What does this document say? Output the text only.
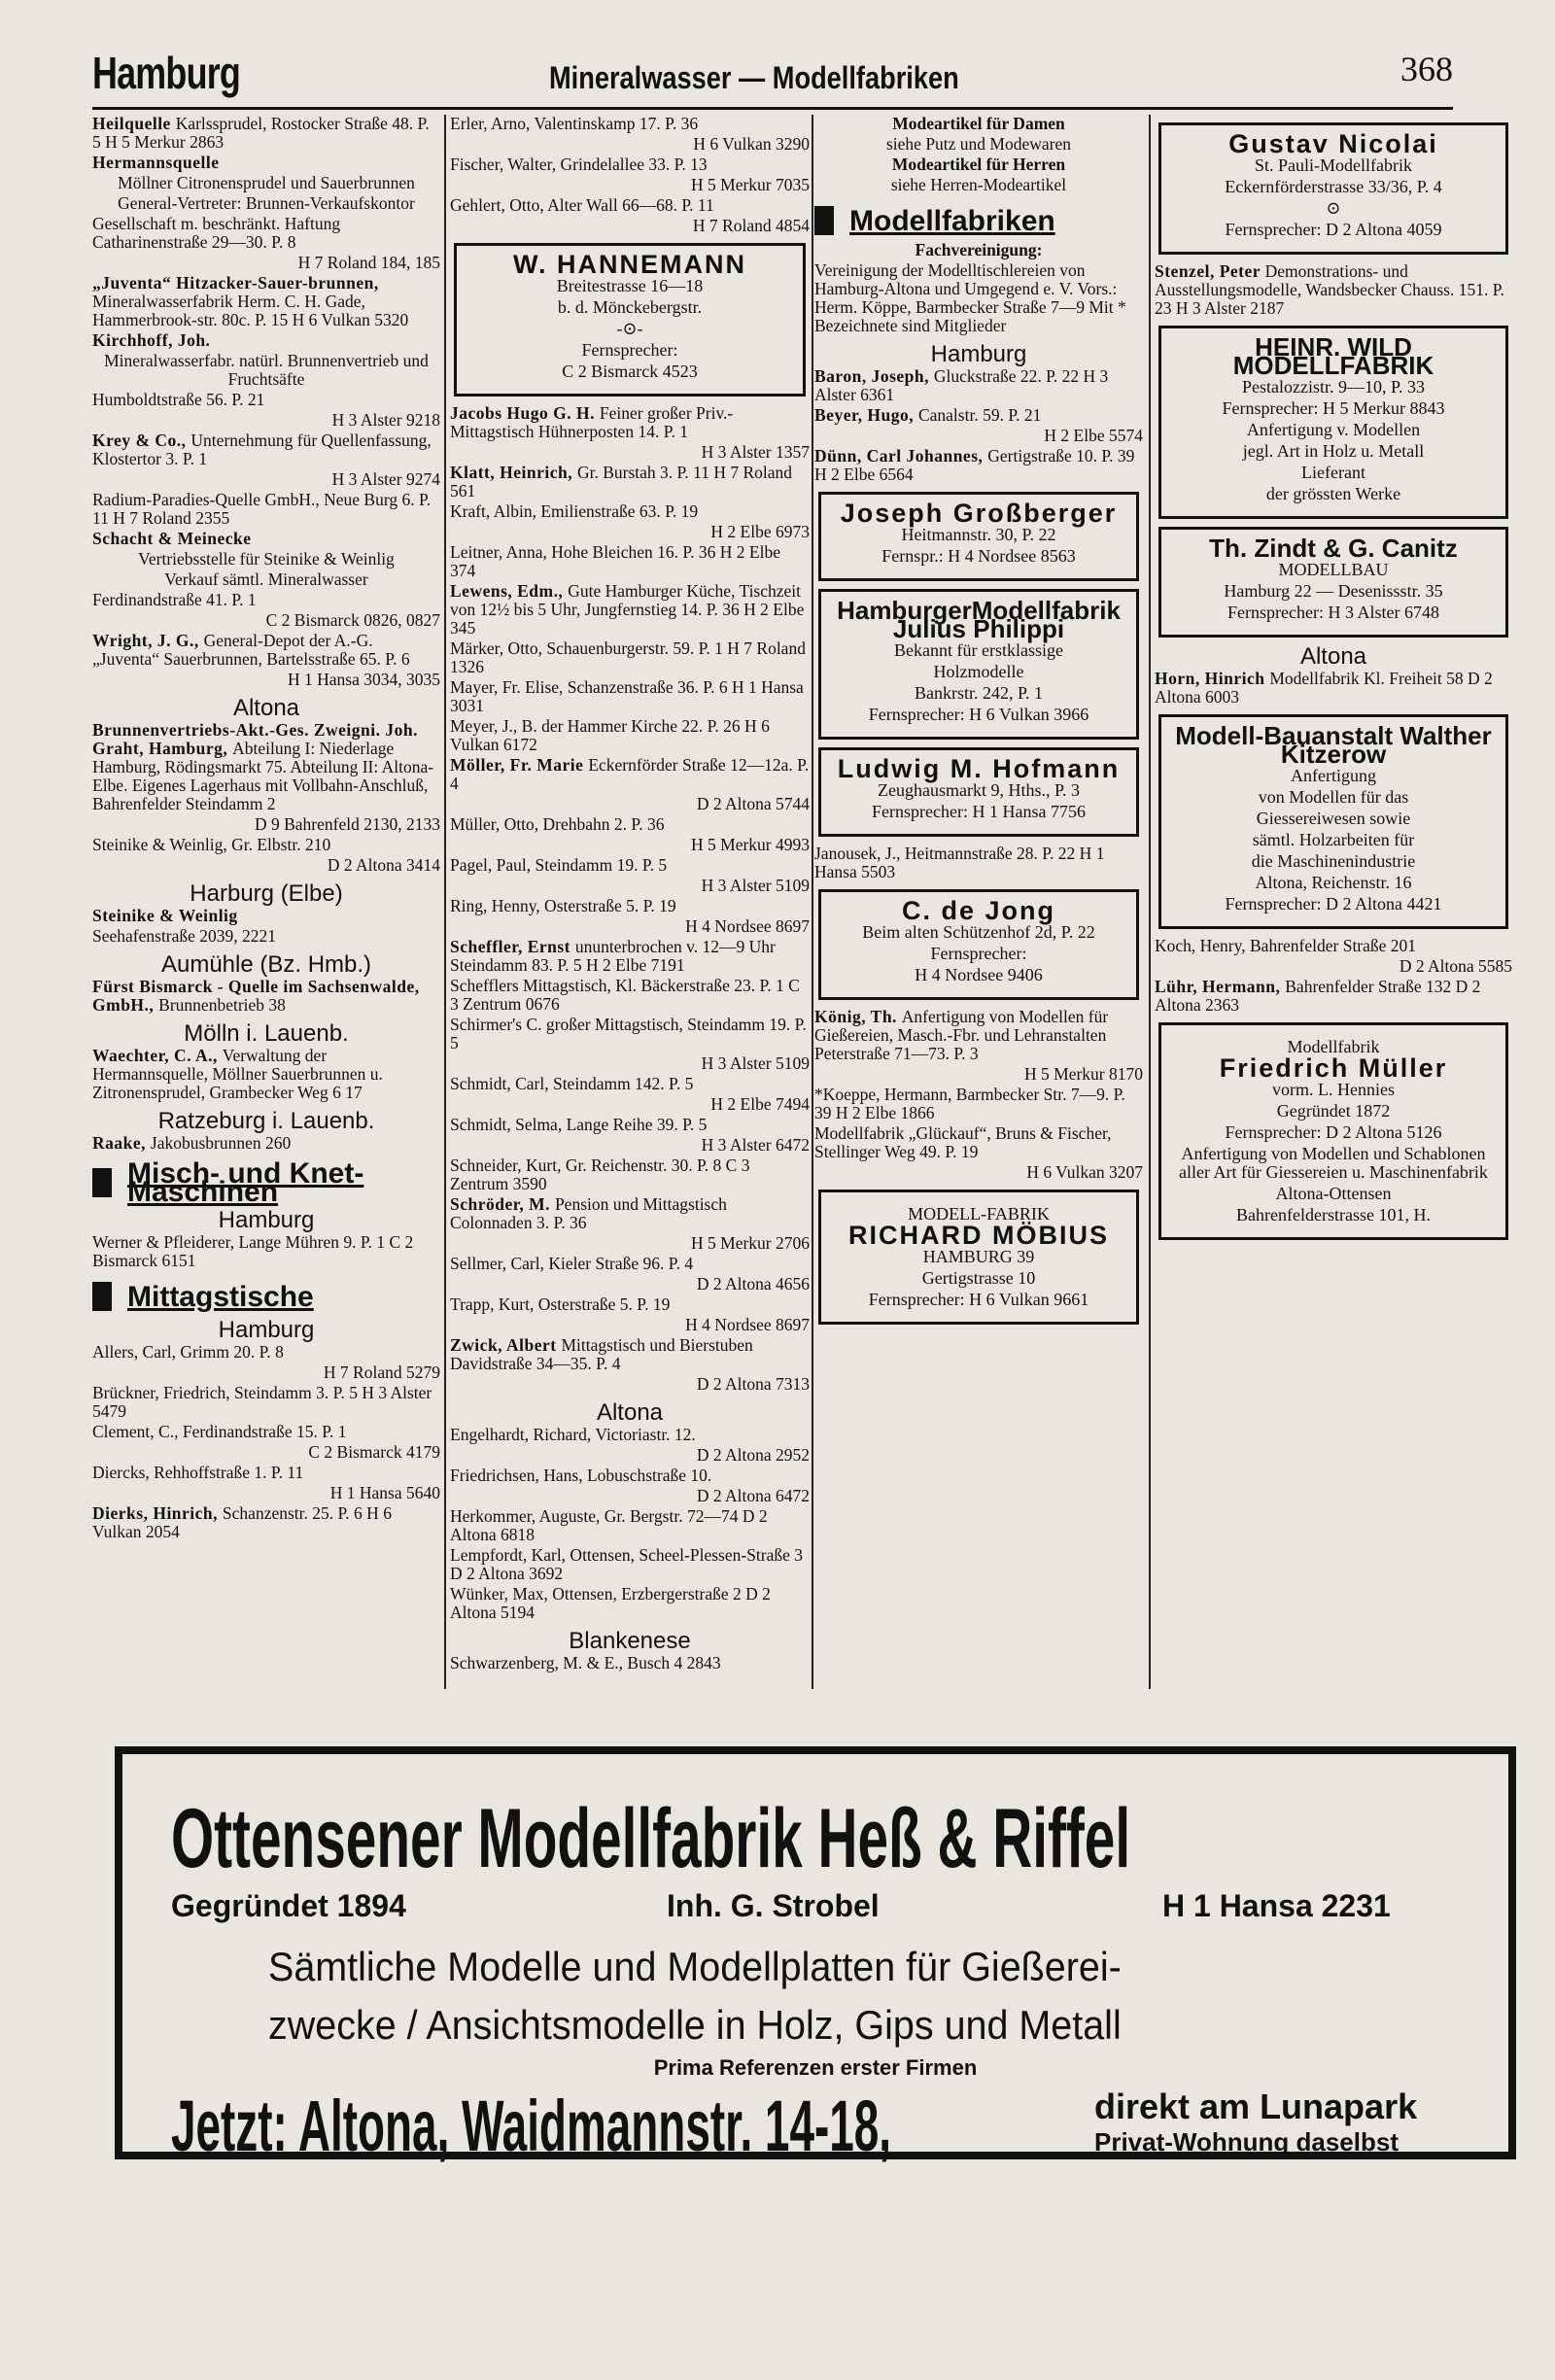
Hamburg	Mineralwasser — Modellfabriken	368
Heilquelle Karlssprudel, Rostocker Straße 48. P. 5 H 5 Merkur 2863
Hermannsquelle
Möllner Citronensprudel und Sauerbrunnen
General-Vertreter: Brunnen-Verkaufskontor
Gesellschaft m. beschränkt. Haftung Catharinenstraße 29—30. P. 8
H 7 Roland 184, 185
„Juventa“ Hitzacker-Sauer-brunnen, Mineralwasserfabrik Herm. C. H. Gade, Hammerbrook-str. 80c. P. 15 H 6 Vulkan 5320
Kirchhoff, Joh.
Mineralwasserfabr. natürl. Brunnenvertrieb und Fruchtsäfte
Humboldtstraße 56. P. 21
H 3 Alster 9218
Krey & Co., Unternehmung für Quellenfassung, Klostertor 3. P. 1
H 3 Alster 9274
Radium-Paradies-Quelle GmbH., Neue Burg 6. P. 11 H 7 Roland 2355
Schacht & Meinecke
Vertriebsstelle für Steinike & Weinlig
Verkauf sämtl. Mineralwasser
Ferdinandstraße 41. P. 1
C 2 Bismarck 0826, 0827
Wright, J. G., General-Depot der A.-G. „Juventa“ Sauerbrunnen, Bartelsstraße 65. P. 6
H 1 Hansa 3034, 3035
Altona
Brunnenvertriebs-Akt.-Ges. Zweigni. Joh. Graht, Hamburg, Abteilung I: Niederlage Hamburg, Rödingsmarkt 75. Abteilung II: Altona-Elbe. Eigenes Lagerhaus mit Vollbahn-Anschluß, Bahrenfelder Steindamm 2
D 9 Bahrenfeld 2130, 2133
Steinike & Weinlig, Gr. Elbstr. 210
D 2 Altona 3414
Harburg (Elbe)
Steinike & Weinlig
Seehafenstraße 2039, 2221
Aumühle (Bz. Hmb.)
Fürst Bismarck - Quelle im Sachsenwalde, GmbH., Brunnenbetrieb 38
Mölln i. Lauenb.
Waechter, C. A., Verwaltung der Hermannsquelle, Möllner Sauerbrunnen u. Zitronensprudel, Grambecker Weg 6 17
Ratzeburg i. Lauenb.
Raake, Jakobusbrunnen 260
Misch- und Knet-Maschinen
Hamburg
Werner & Pfleiderer, Lange Mühren 9. P. 1 C 2 Bismarck 6151
Mittagstische
Hamburg
Allers, Carl, Grimm 20. P. 8
H 7 Roland 5279
Brückner, Friedrich, Steindamm 3. P. 5 H 3 Alster 5479
Clement, C., Ferdinandstraße 15. P. 1
C 2 Bismarck 4179
Diercks, Rehhoffstraße 1. P. 11
H 1 Hansa 5640
Dierks, Hinrich, Schanzenstr. 25. P. 6 H 6 Vulkan 2054
Erler, Arno, Valentinskamp 17. P. 36
H 6 Vulkan 3290
Fischer, Walter, Grindelallee 33. P. 13
H 5 Merkur 7035
Gehlert, Otto, Alter Wall 66—68. P. 11
H 7 Roland 4854
W. HANNEMANN
Breitestrasse 16—18
b. d. Mönckebergstr.
-⊙-
Fernsprecher:
C 2 Bismarck 4523
Jacobs Hugo G. H. Feiner großer Priv.-Mittagstisch Hühnerposten 14. P. 1
H 3 Alster 1357
Klatt, Heinrich, Gr. Burstah 3. P. 11 H 7 Roland 561
Kraft, Albin, Emilienstraße 63. P. 19
H 2 Elbe 6973
Leitner, Anna, Hohe Bleichen 16. P. 36 H 2 Elbe 374
Lewens, Edm., Gute Hamburger Küche, Tischzeit von 12½ bis 5 Uhr, Jungfernstieg 14. P. 36 H 2 Elbe 345
Märker, Otto, Schauenburgerstr. 59. P. 1 H 7 Roland 1326
Mayer, Fr. Elise, Schanzenstraße 36. P. 6 H 1 Hansa 3031
Meyer, J., B. der Hammer Kirche 22. P. 26 H 6 Vulkan 6172
Möller, Fr. Marie Eckernförder Straße 12—12a. P. 4
D 2 Altona 5744
Müller, Otto, Drehbahn 2. P. 36
H 5 Merkur 4993
Pagel, Paul, Steindamm 19. P. 5
H 3 Alster 5109
Ring, Henny, Osterstraße 5. P. 19
H 4 Nordsee 8697
Scheffler, Ernst ununterbrochen v. 12—9 Uhr Steindamm 83. P. 5 H 2 Elbe 7191
Schefflers Mittagstisch, Kl. Bäckerstraße 23. P. 1 C 3 Zentrum 0676
Schirmer's C. großer Mittagstisch, Steindamm 19. P. 5
H 3 Alster 5109
Schmidt, Carl, Steindamm 142. P. 5
H 2 Elbe 7494
Schmidt, Selma, Lange Reihe 39. P. 5
H 3 Alster 6472
Schneider, Kurt, Gr. Reichenstr. 30. P. 8 C 3 Zentrum 3590
Schröder, M. Pension und Mittagstisch Colonnaden 3. P. 36
H 5 Merkur 2706
Sellmer, Carl, Kieler Straße 96. P. 4
D 2 Altona 4656
Trapp, Kurt, Osterstraße 5. P. 19
H 4 Nordsee 8697
Zwick, Albert Mittagstisch und Bierstuben Davidstraße 34—35. P. 4
D 2 Altona 7313
Altona
Engelhardt, Richard, Victoriastr. 12.
D 2 Altona 2952
Friedrichsen, Hans, Lobuschstraße 10.
D 2 Altona 6472
Herkommer, Auguste, Gr. Bergstr. 72—74 D 2 Altona 6818
Lempfordt, Karl, Ottensen, Scheel-Plessen-Straße 3 D 2 Altona 3692
Wünker, Max, Ottensen, Erzbergerstraße 2 D 2 Altona 5194
Blankenese
Schwarzenberg, M. & E., Busch 4 2843
Modeartikel für Damen
siehe Putz und Modewaren
Modeartikel für Herren
siehe Herren-Modeartikel
Modellfabriken
Fachvereinigung:
Vereinigung der Modelltischlereien von Hamburg-Altona und Umgegend e. V. Vors.: Herm. Köppe, Barmbecker Straße 7—9 Mit * Bezeichnete sind Mitglieder
Hamburg
Baron, Joseph, Gluckstraße 22. P. 22 H 3 Alster 6361
Beyer, Hugo, Canalstr. 59. P. 21
H 2 Elbe 5574
Dünn, Carl Johannes, Gertigstraße 10. P. 39 H 2 Elbe 6564
Joseph Großberger
Heitmannstr. 30, P. 22
Fernspr.: H 4 Nordsee 8563
HamburgerModellfabrik Julius Philippi
Bekannt für erstklassige
Holzmodelle
Bankrstr. 242, P. 1
Fernsprecher: H 6 Vulkan 3966
Ludwig M. Hofmann
Zeughausmarkt 9, Hths., P. 3
Fernsprecher: H 1 Hansa 7756
Janousek, J., Heitmannstraße 28. P. 22 H 1 Hansa 5503
C. de Jong
Beim alten Schützenhof 2d, P. 22
Fernsprecher:
H 4 Nordsee 9406
König, Th. Anfertigung von Modellen für Gießereien, Masch.-Fbr. und Lehranstalten Peterstraße 71—73. P. 3
H 5 Merkur 8170
*Koeppe, Hermann, Barmbecker Str. 7—9. P. 39 H 2 Elbe 1866
Modellfabrik „Glückauf“, Bruns & Fischer, Stellinger Weg 49. P. 19
H 6 Vulkan 3207
MODELL-FABRIK
RICHARD MÖBIUS
HAMBURG 39
Gertigstrasse 10
Fernsprecher: H 6 Vulkan 9661
Gustav Nicolai
St. Pauli-Modellfabrik
Eckernförderstrasse 33/36, P. 4
⊙
Fernsprecher: D 2 Altona 4059
Stenzel, Peter Demonstrations- und Ausstellungsmodelle, Wandsbecker Chauss. 151. P. 23 H 3 Alster 2187
HEINR. WILD MODELLFABRIK
Pestalozzistr. 9—10, P. 33
Fernsprecher: H 5 Merkur 8843
Anfertigung v. Modellen
jegl. Art in Holz u. Metall
Lieferant
der grössten Werke
Th. Zindt & G. Canitz
MODELLBAU
Hamburg 22 — Desenissstr. 35
Fernsprecher: H 3 Alster 6748
Altona
Horn, Hinrich Modellfabrik Kl. Freiheit 58 D 2 Altona 6003
Modell-Bauanstalt Walther Kitzerow
Anfertigung
von Modellen für das
Giessereiwesen sowie
sämtl. Holzarbeiten für
die Maschinenindustrie
Altona, Reichenstr. 16
Fernsprecher: D 2 Altona 4421
Koch, Henry, Bahrenfelder Straße 201
D 2 Altona 5585
Lühr, Hermann, Bahrenfelder Straße 132 D 2 Altona 2363
Modellfabrik
Friedrich Müller
vorm. L. Hennies
Gegründet 1872
Fernsprecher: D 2 Altona 5126
Anfertigung von Modellen und Schablonen aller Art für Giessereien u. Maschinenfabrik
Altona-Ottensen
Bahrenfelderstrasse 101, H.
Ottensener Modellfabrik Heß & Riffel
Gegründet 1894	Inh. G. Strobel	H 1 Hansa 2231
Sämtliche Modelle und Modellplatten für Gießerei-
zwecke / Ansichtsmodelle in Holz, Gips und Metall
Prima Referenzen erster Firmen
Jetzt: Altona, Waidmannstr. 14-18,	direkt am Lunapark
Privat-Wohnung daselbst
